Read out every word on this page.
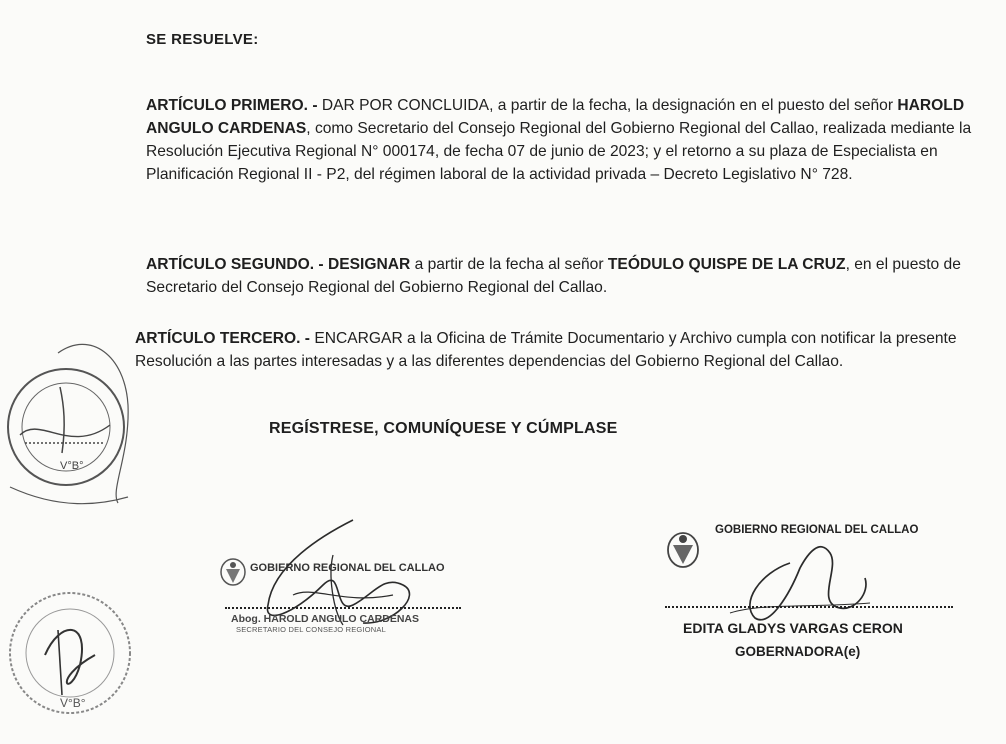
SE RESUELVE:

ARTÍCULO PRIMERO. - DAR POR CONCLUIDA, a partir de la fecha, la designación en el puesto del señor HAROLD ANGULO CARDENAS, como Secretario del Consejo Regional del Gobierno Regional del Callao, realizada mediante la Resolución Ejecutiva Regional N° 000174, de fecha 07 de junio de 2023; y el retorno a su plaza de Especialista en Planificación Regional II - P2, del régimen laboral de la actividad privada – Decreto Legislativo N° 728.

ARTÍCULO SEGUNDO. - DESIGNAR a partir de la fecha al señor TEÓDULO QUISPE DE LA CRUZ, en el puesto de Secretario del Consejo Regional del Gobierno Regional del Callao.

ARTÍCULO TERCERO. - ENCARGAR a la Oficina de Trámite Documentario y Archivo cumpla con notificar la presente Resolución a las partes interesadas y a las diferentes dependencias del Gobierno Regional del Callao.

REGÍSTRESE, COMUNÍQUESE Y CÚMPLASE
V°B°
V°B°
GOBIERNO REGIONAL DEL CALLAO
Abog. HAROLD ANGULO CARDENAS
SECRETARIO DEL CONSEJO REGIONAL
GOBIERNO REGIONAL DEL CALLAO
EDITA GLADYS VARGAS CERON
GOBERNADORA(e)
